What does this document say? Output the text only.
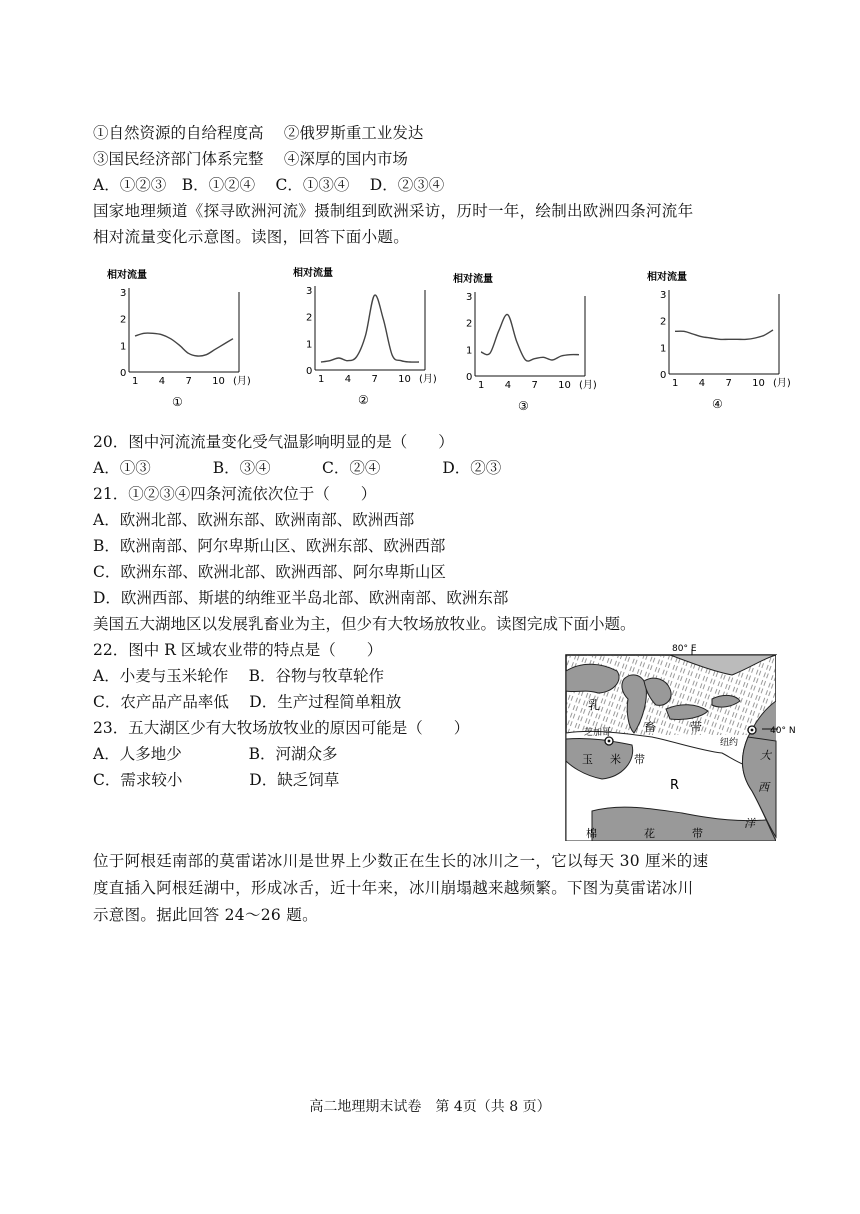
①自然资源的自给程度高　 ②俄罗斯重工业发达
③国民经济部门体系完整　 ④深厚的国内市场
A．①②③　B．①②④　 C．①③④　 D．②③④
国家地理频道《探寻欧洲河流》摄制组到欧洲采访，历时一年，绘制出欧洲四条河流年
相对流量变化示意图。读图，回答下面小题。
相对流量
0
1
2
3
1 4 7 10 (月)
①
相对流量
0
1
2
3
1 4 7 10 (月)
②
相对流量
0
1
2
3
1 4 7 10 (月)
③
相对流量
0
1
2
3
1 4 7 10 (月)
④
20．图中河流流量变化受气温影响明显的是（　　）
A．①③　　　　B．③④　　　 C．②④　　　　D．②③
21．①②③④四条河流依次位于（　　）
A．欧洲北部、欧洲东部、欧洲南部、欧洲西部
B．欧洲南部、阿尔卑斯山区、欧洲东部、欧洲西部
C．欧洲东部、欧洲北部、欧洲西部、阿尔卑斯山区
D．欧洲西部、斯堪的纳维亚半岛北部、欧洲南部、欧洲东部
美国五大湖地区以发展乳畜业为主，但少有大牧场放牧业。读图完成下面小题。
22．图中 R 区域农业带的特点是（　　）
A．小麦与玉米轮作　 B．谷物与牧草轮作
C．农产品产品率低　 D．生产过程简单粗放
23．五大湖区少有大牧场放牧业的原因可能是（　　）
A．人多地少　　　　 B．河湖众多
C．需求较小　　　　 D．缺乏饲草
80° E
40° N
乳
畜	带
芝加哥
纽约
玉 米 带
R
棉	花	带
大
西
洋
位于阿根廷南部的莫雷诺冰川是世界上少数正在生长的冰川之一，它以每天 30 厘米的速
度直插入阿根廷湖中，形成冰舌，近十年来，冰川崩塌越来越频繁。下图为莫雷诺冰川
示意图。据此回答 24～26 题。
高二地理期末试卷　第 4页（共 8 页）
